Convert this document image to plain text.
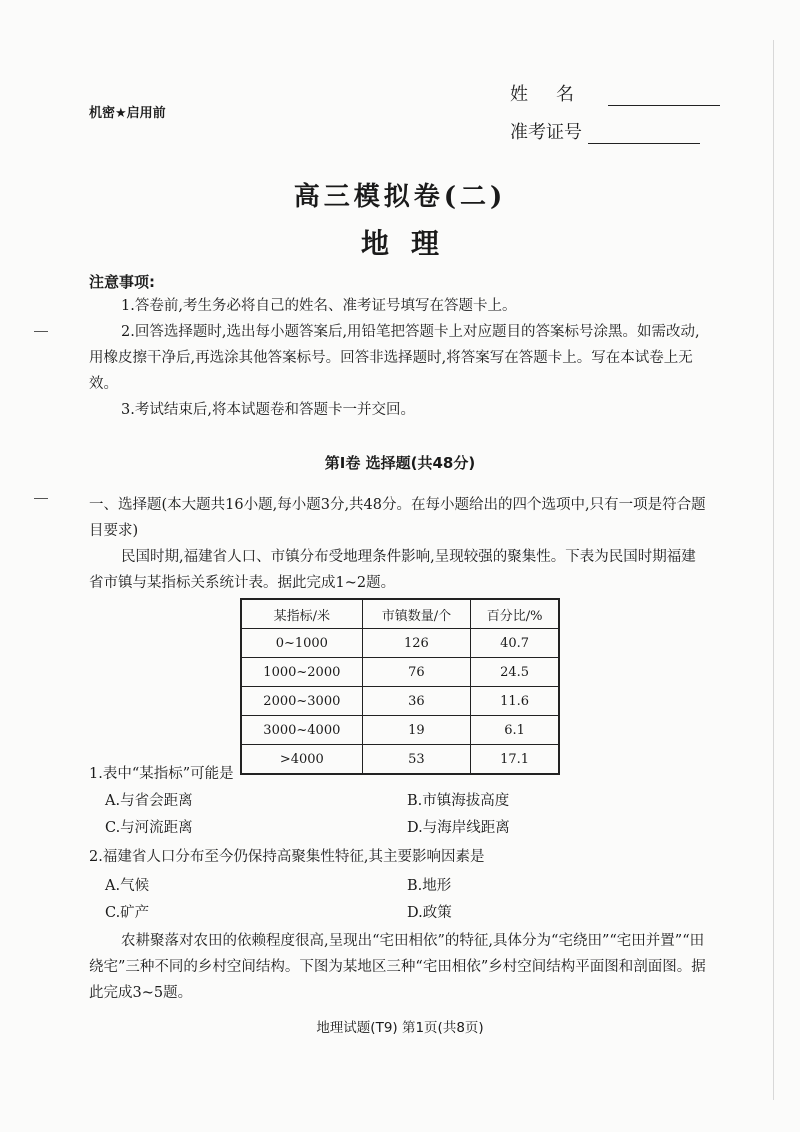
机密★启用前
姓名
准考证号
高三模拟卷(二)
地理
注意事项:
1.答卷前,考生务必将自己的姓名、准考证号填写在答题卡上。
2.回答选择题时,选出每小题答案后,用铅笔把答题卡上对应题目的答案标号涂黑。如需改动,用橡皮擦干净后,再选涂其他答案标号。回答非选择题时,将答案写在答题卡上。写在本试卷上无效。
3.考试结束后,将本试题卷和答题卡一并交回。
第Ⅰ卷 选择题(共48分)
一、选择题(本大题共16小题,每小题3分,共48分。在每小题给出的四个选项中,只有一项是符合题目要求)
民国时期,福建省人口、市镇分布受地理条件影响,呈现较强的聚集性。下表为民国时期福建省市镇与某指标关系统计表。据此完成1~2题。
某指标/米	市镇数量/个	百分比/%
0~1000	126	40.7
1000~2000	76	24.5
2000~3000	36	11.6
3000~4000	19	6.1
>4000	53	17.1
1.表中“某指标”可能是
A.与省会距离	B.市镇海拔高度
C.与河流距离	D.与海岸线距离
2.福建省人口分布至今仍保持高聚集性特征,其主要影响因素是
A.气候	B.地形
C.矿产	D.政策
农耕聚落对农田的依赖程度很高,呈现出“宅田相依”的特征,具体分为“宅绕田”“宅田并置”“田绕宅”三种不同的乡村空间结构。下图为某地区三种“宅田相依”乡村空间结构平面图和剖面图。据此完成3~5题。
地理试题(T9) 第1页(共8页)
